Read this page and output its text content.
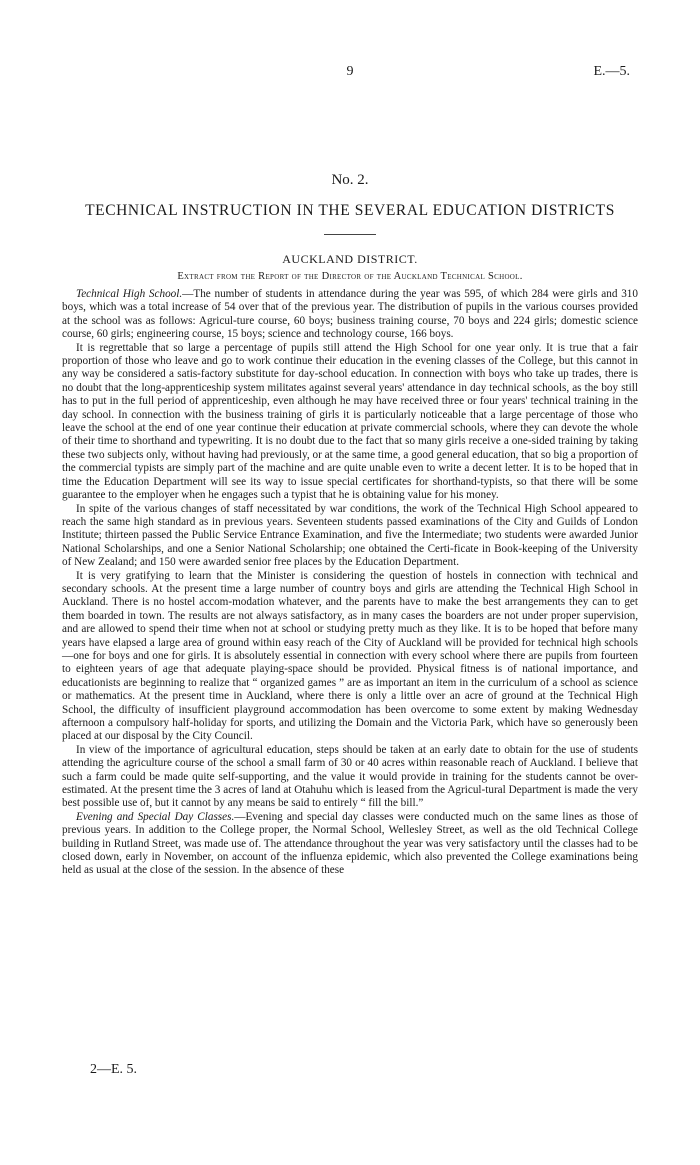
9	E.—5.
No. 2.
TECHNICAL INSTRUCTION IN THE SEVERAL EDUCATION DISTRICTS
AUCKLAND DISTRICT.
Extract from the Report of the Director of the Auckland Technical School.

Technical High School.—The number of students in attendance during the year was 595, of which 284 were girls and 310 boys, which was a total increase of 54 over that of the previous year. The distribution of pupils in the various courses provided at the school was as follows: Agricul-ture course, 60 boys; business training course, 70 boys and 224 girls; domestic science course, 60 girls; engineering course, 15 boys; science and technology course, 166 boys.

It is regrettable that so large a percentage of pupils still attend the High School for one year only. It is true that a fair proportion of those who leave and go to work continue their education in the evening classes of the College, but this cannot in any way be considered a satis-factory substitute for day-school education. In connection with boys who take up trades, there is no doubt that the long-apprenticeship system militates against several years' attendance in day technical schools, as the boy still has to put in the full period of apprenticeship, even although he may have received three or four years' technical training in the day school. In connection with the business training of girls it is particularly noticeable that a large percentage of those who leave the school at the end of one year continue their education at private commercial schools, where they can devote the whole of their time to shorthand and typewriting. It is no doubt due to the fact that so many girls receive a one-sided training by taking these two subjects only, without having had previously, or at the same time, a good general education, that so big a proportion of the commercial typists are simply part of the machine and are quite unable even to write a decent letter. It is to be hoped that in time the Education Department will see its way to issue special certificates for shorthand-typists, so that there will be some guarantee to the employer when he engages such a typist that he is obtaining value for his money.

In spite of the various changes of staff necessitated by war conditions, the work of the Technical High School appeared to reach the same high standard as in previous years. Seventeen students passed examinations of the City and Guilds of London Institute; thirteen passed the Public Service Entrance Examination, and five the Intermediate; two students were awarded Junior National Scholarships, and one a Senior National Scholarship; one obtained the Certi-ficate in Book-keeping of the University of New Zealand; and 150 were awarded senior free places by the Education Department.

It is very gratifying to learn that the Minister is considering the question of hostels in connection with technical and secondary schools. At the present time a large number of country boys and girls are attending the Technical High School in Auckland. There is no hostel accom-modation whatever, and the parents have to make the best arrangements they can to get them boarded in town. The results are not always satisfactory, as in many cases the boarders are not under proper supervision, and are allowed to spend their time when not at school or studying pretty much as they like. It is to be hoped that before many years have elapsed a large area of ground within easy reach of the City of Auckland will be provided for technical high schools—one for boys and one for girls. It is absolutely essential in connection with every school where there are pupils from fourteen to eighteen years of age that adequate playing-space should be provided. Physical fitness is of national importance, and educationists are beginning to realize that “ organized games ” are as important an item in the curriculum of a school as science or mathematics. At the present time in Auckland, where there is only a little over an acre of ground at the Technical High School, the difficulty of insufficient playground accommodation has been overcome to some extent by making Wednesday afternoon a compulsory half-holiday for sports, and utilizing the Domain and the Victoria Park, which have so generously been placed at our disposal by the City Council.

In view of the importance of agricultural education, steps should be taken at an early date to obtain for the use of students attending the agriculture course of the school a small farm of 30 or 40 acres within reasonable reach of Auckland. I believe that such a farm could be made quite self-supporting, and the value it would provide in training for the students cannot be over-estimated. At the present time the 3 acres of land at Otahuhu which is leased from the Agricul-tural Department is made the very best possible use of, but it cannot by any means be said to entirely “ fill the bill.”

Evening and Special Day Classes.—Evening and special day classes were conducted much on the same lines as those of previous years. In addition to the College proper, the Normal School, Wellesley Street, as well as the old Technical College building in Rutland Street, was made use of. The attendance throughout the year was very satisfactory until the classes had to be closed down, early in November, on account of the influenza epidemic, which also prevented the College examinations being held as usual at the close of the session. In the absence of these

2—E. 5.
